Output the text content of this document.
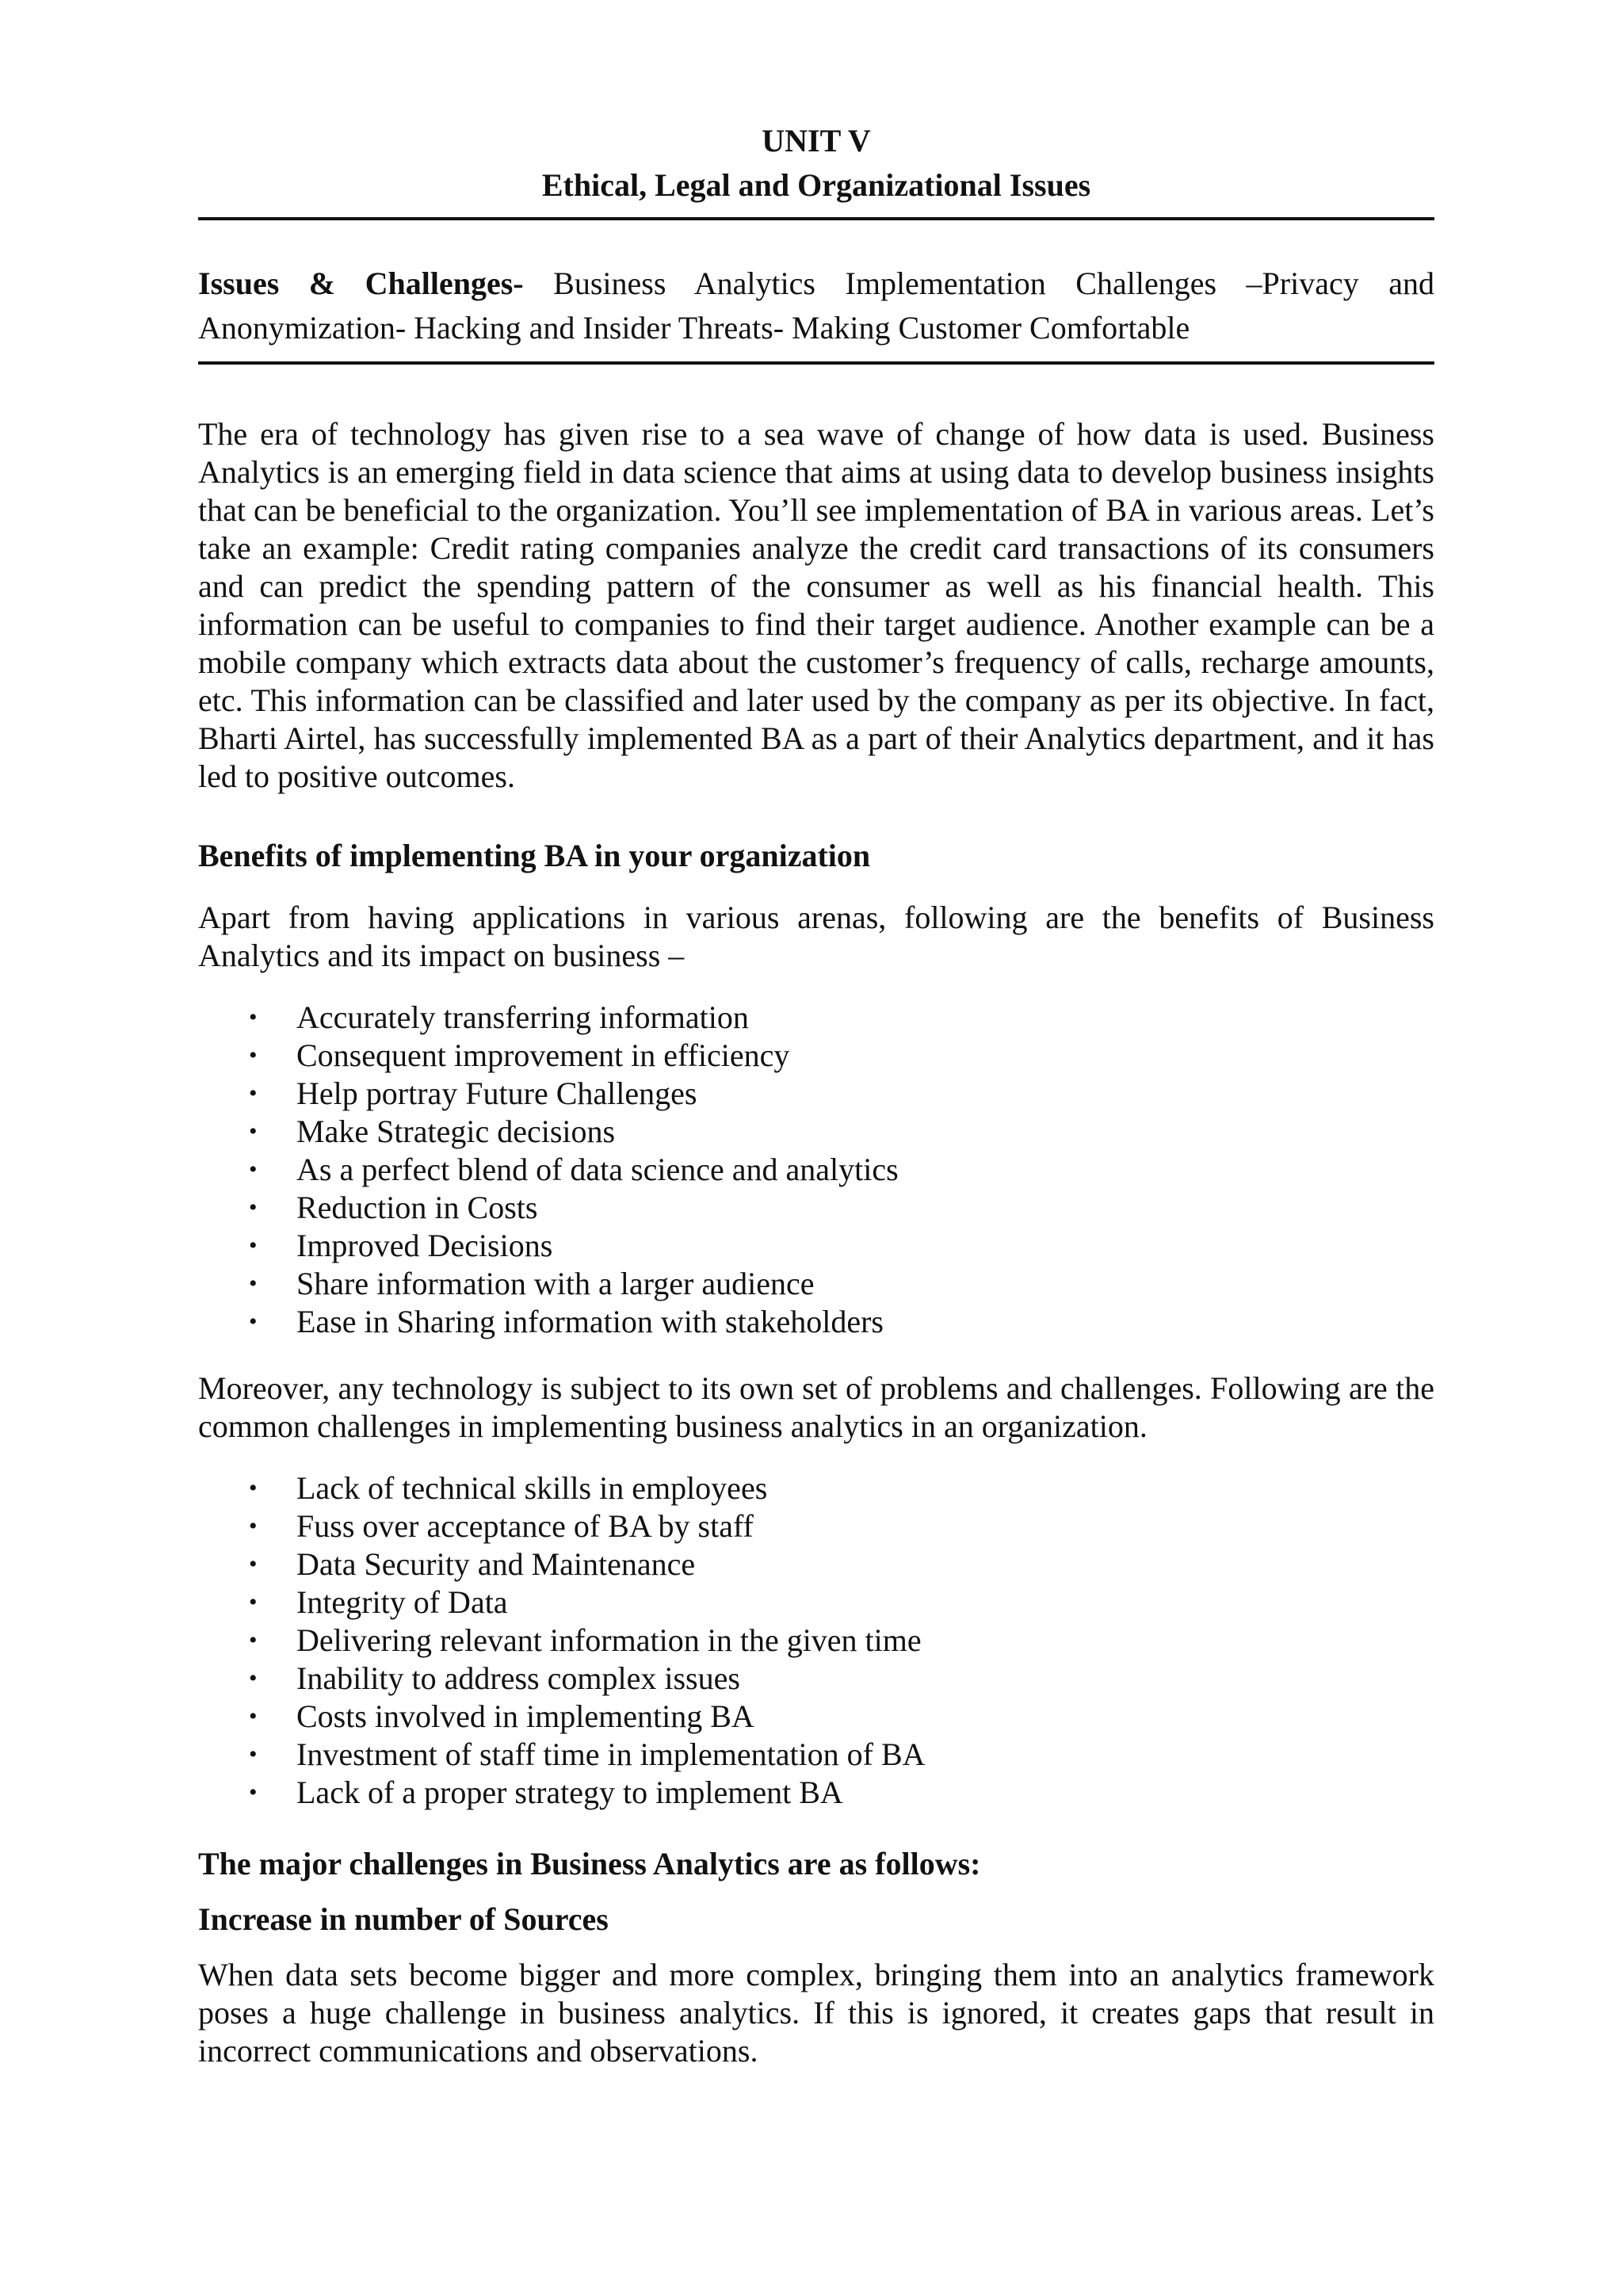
UNIT V

Ethical, Legal and Organizational Issues

Issues & Challenges- Business Analytics Implementation Challenges –Privacy and Anonymization- Hacking and Insider Threats- Making Customer Comfortable

The era of technology has given rise to a sea wave of change of how data is used. Business Analytics is an emerging field in data science that aims at using data to develop business insights that can be beneficial to the organization. You’ll see implementation of BA in various areas. Let’s take an example: Credit rating companies analyze the credit card transactions of its consumers and can predict the spending pattern of the consumer as well as his financial health. This information can be useful to companies to find their target audience. Another example can be a mobile company which extracts data about the customer’s frequency of calls, recharge amounts, etc. This information can be classified and later used by the company as per its objective. In fact, Bharti Airtel, has successfully implemented BA as a part of their Analytics department, and it has led to positive outcomes.

Benefits of implementing BA in your organization

Apart from having applications in various arenas, following are the benefits of Business Analytics and its impact on business –

• Accurately transferring information
• Consequent improvement in efficiency
• Help portray Future Challenges
• Make Strategic decisions
• As a perfect blend of data science and analytics
• Reduction in Costs
• Improved Decisions
• Share information with a larger audience
• Ease in Sharing information with stakeholders

Moreover, any technology is subject to its own set of problems and challenges. Following are the common challenges in implementing business analytics in an organization.

• Lack of technical skills in employees
• Fuss over acceptance of BA by staff
• Data Security and Maintenance
• Integrity of Data
• Delivering relevant information in the given time
• Inability to address complex issues
• Costs involved in implementing BA
• Investment of staff time in implementation of BA
• Lack of a proper strategy to implement BA
The major challenges in Business Analytics are as follows:
Increase in number of Sources

When data sets become bigger and more complex, bringing them into an analytics framework poses a huge challenge in business analytics. If this is ignored, it creates gaps that result in incorrect communications and observations.
